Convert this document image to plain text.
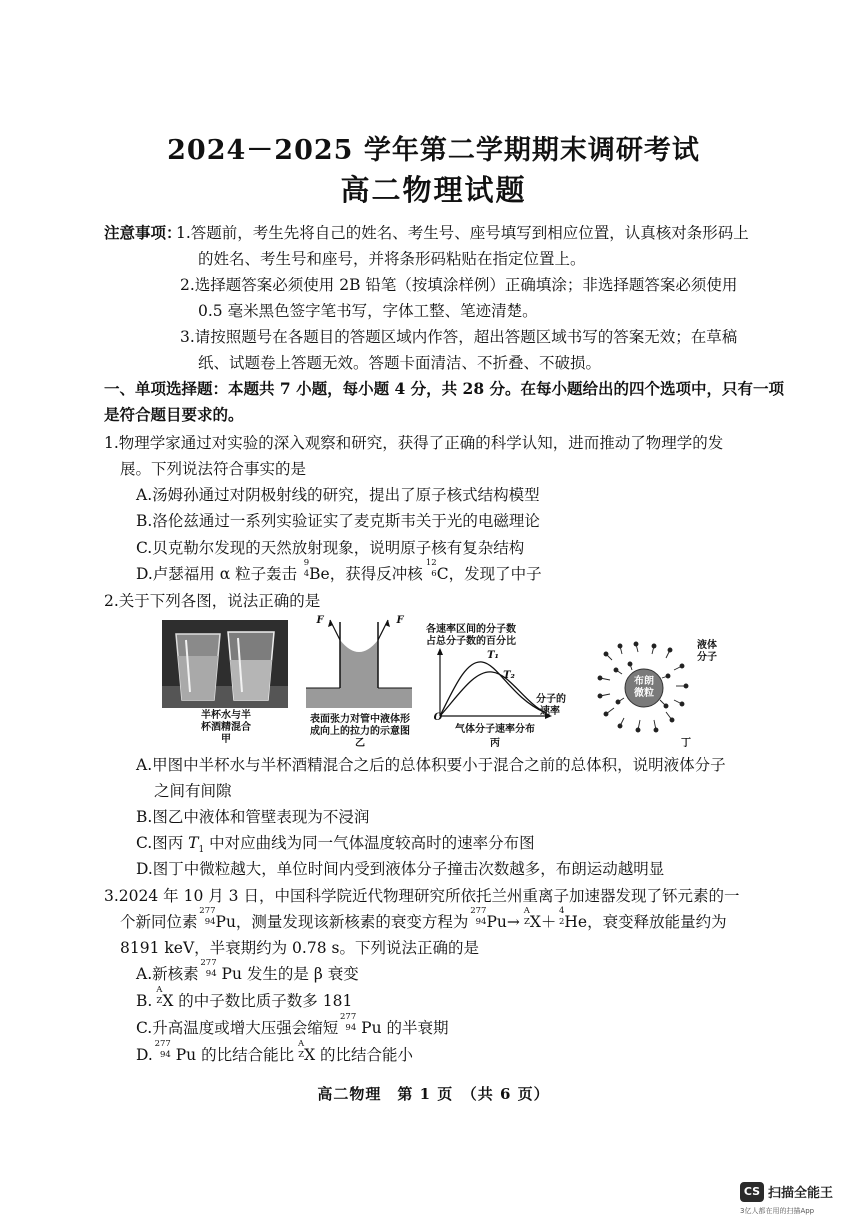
2024－2025 学年第二学期期末调研考试
高二物理试题
注意事项：
1.答题前，考生先将自己的姓名、考生号、座号填写到相应位置，认真核对条形码上
的姓名、考生号和座号，并将条形码粘贴在指定位置上。
2.选择题答案必须使用 2B 铅笔（按填涂样例）正确填涂；非选择题答案必须使用
0.5 毫米黑色签字笔书写，字体工整、笔迹清楚。
3.请按照题号在各题目的答题区域内作答，超出答题区域书写的答案无效；在草稿
纸、试题卷上答题无效。答题卡面清洁、不折叠、不破损。
一、单项选择题：本题共 7 小题，每小题 4 分，共 28 分。在每小题给出的四个选项中，只有一项
是符合题目要求的。
1.物理学家通过对实验的深入观察和研究，获得了正确的科学认知，进而推动了物理学的发
展。下列说法符合事实的是
A.汤姆孙通过对阴极射线的研究，提出了原子核式结构模型
B.洛伦兹通过一系列实验证实了麦克斯韦关于光的电磁理论
C.贝克勒尔发现的天然放射现象，说明原子核有复杂结构
D.卢瑟福用 α 粒子轰击
9
4 Be，获得反冲核
12
6 C，发现了中子
2.关于下列各图，说法正确的是
半杯水与半
杯酒精混合
甲
F	F
表面张力对管中液体形
成向上的拉力的示意图
乙
各速率区间的分子数
占总分子数的百分比
T₁
T₂
分子的
速率
O
气体分子速率分布
丙
布朗
微粒
液体
分子
丁
A.甲图中半杯水与半杯酒精混合之后的总体积要小于混合之前的总体积，说明液体分子
之间有间隙
B.图乙中液体和管壁表现为不浸润
C.图丙 $T_1$ 中对应曲线为同一气体温度较高时的速率分布图
D.图丁中微粒越大，单位时间内受到液体分子撞击次数越多，布朗运动越明显
3.2024 年 10 月 3 日，中国科学院近代物理研究所依托兰州重离子加速器发现了钚元素的一
个新同位素
277
94 Pu，测量发现该新核素的衰变方程为
277
94 Pu→
A
Z X＋
4
2 He，衰变释放能量约为
8191 keV，半衰期约为 0.78 s。下列说法正确的是
A.新核素
277
94 Pu 发生的是 β 衰变
B.
A
Z X 的中子数比质子数多 181
C.升高温度或增大压强会缩短
277
94 Pu 的半衰期
D.
277
94 Pu 的比结合能比
A
Z X 的比结合能小
高二物理　第 1 页　（共 6 页）
CS 扫描全能王
3亿人都在用的扫描App
